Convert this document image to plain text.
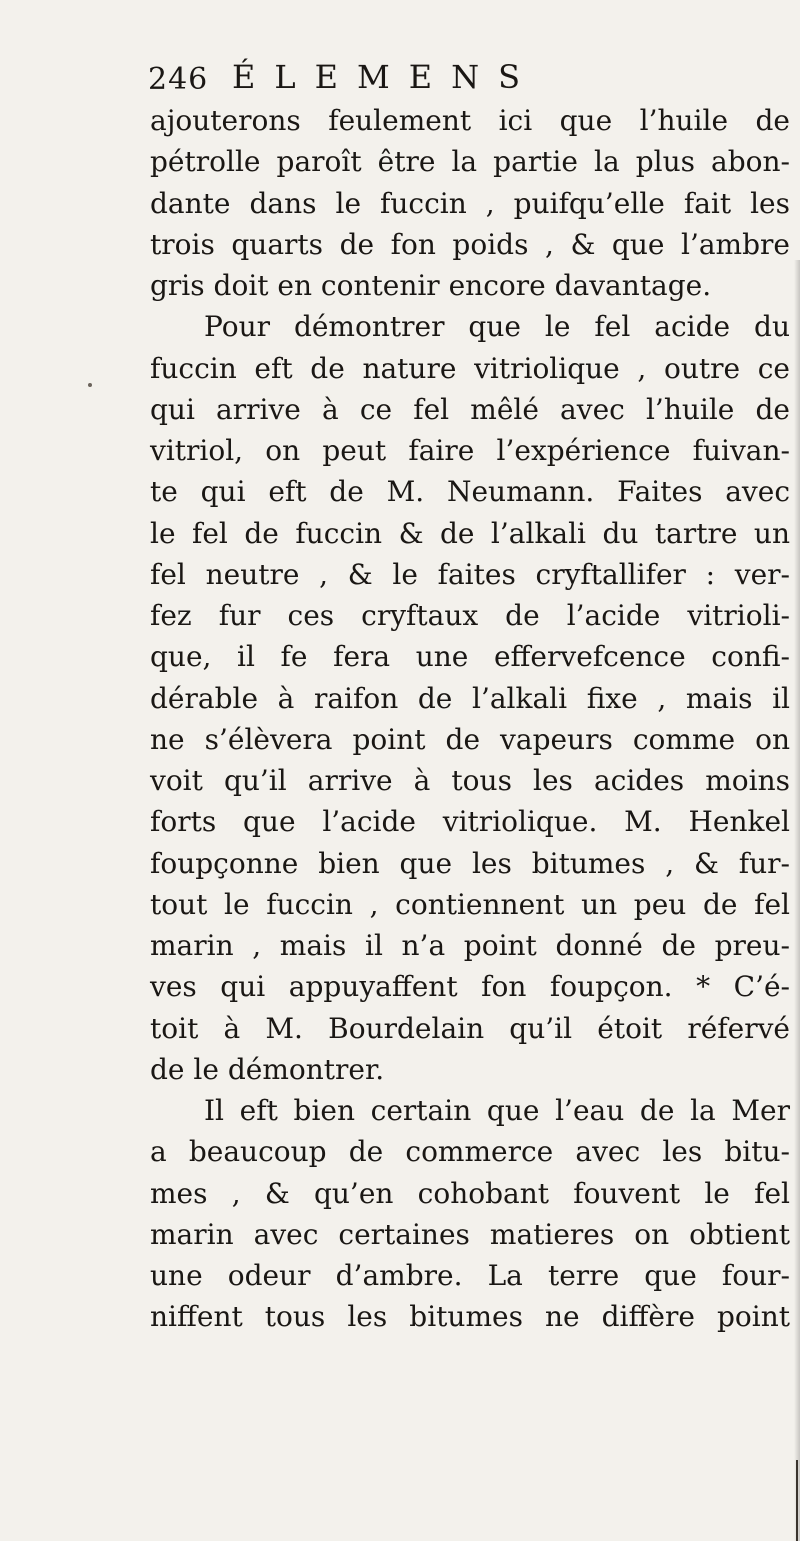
246 ÉLEMENS
ajouterons feulement ici que l’huile de
pétrolle paroît être la partie la plus abon-
dante dans le fuccin , puifqu’elle fait les
trois quarts de fon poids , & que l’ambre
gris doit en contenir encore davantage.
Pour démontrer que le fel acide du
fuccin eft de nature vitriolique , outre ce
qui arrive à ce fel mêlé avec l’huile de
vitriol, on peut faire l’expérience fuivan-
te qui eft de M. Neumann. Faites avec
le fel de fuccin & de l’alkali du tartre un
fel neutre , & le faites cryftallifer : ver-
fez fur ces cryftaux de l’acide vitrioli-
que, il fe fera une effervefcence confi-
dérable à raifon de l’alkali fixe , mais il
ne s’élèvera point de vapeurs comme on
voit qu’il arrive à tous les acides moins
forts que l’acide vitriolique. M. Henkel
foupçonne bien que les bitumes , & fur-
tout le fuccin , contiennent un peu de fel
marin , mais il n’a point donné de preu-
ves qui appuyaffent fon foupçon. * C’é-
toit à M. Bourdelain qu’il étoit réfervé
de le démontrer.
Il eft bien certain que l’eau de la Mer
a beaucoup de commerce avec les bitu-
mes , & qu’en cohobant fouvent le fel
marin avec certaines matieres on obtient
une odeur d’ambre. La terre que four-
niffent tous les bitumes ne diffère point
